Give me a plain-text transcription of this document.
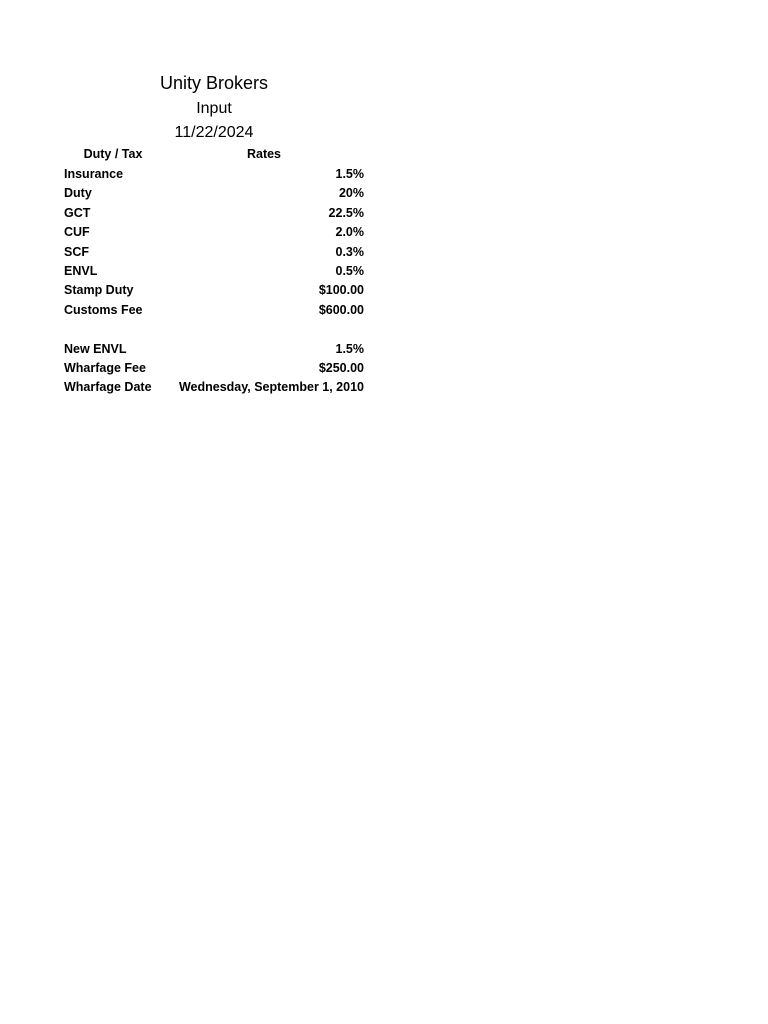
Unity Brokers
Input
11/22/2024
Duty / Tax	Rates
Insurance	1.5%
Duty	20%
GCT	22.5%
CUF	2.0%
SCF	0.3%
ENVL	0.5%
Stamp Duty	$100.00
Customs Fee	$600.00
New ENVL	1.5%
Wharfage Fee	$250.00
Wharfage Date Wednesday, September 1, 2010
